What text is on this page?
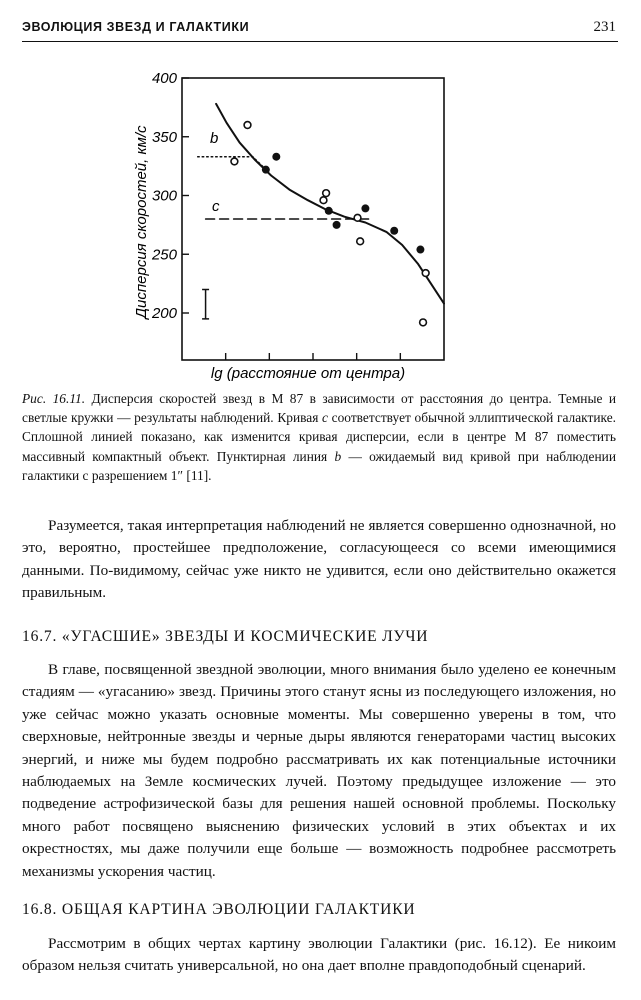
ЭВОЛЮЦИЯ ЗВЕЗД И ГАЛАКТИКИ	231
200
250
300
350
400
Дисперсия скоростей, км/с
lg (расстояние от центра)
b
c
Рис. 16.11. Дисперсия скоростей звезд в M 87 в зависимости от расстояния до центра. Темные и светлые кружки — результаты наблюдений. Кривая c соответствует обычной эллиптической галактике. Сплошной линией показано, как изменится кривая дисперсии, если в центре M 87 поместить массивный компактный объект. Пунктирная линия b — ожидаемый вид кривой при наблюдении галактики с разрешением 1″ [11].

Разумеется, такая интерпретация наблюдений не является совершенно однозначной, но это, вероятно, простейшее предположение, согласующееся со всеми имеющимися данными. По-видимому, сейчас уже никто не удивится, если оно действительно окажется правильным.

16.7. «УГАСШИЕ» ЗВЕЗДЫ И КОСМИЧЕСКИЕ ЛУЧИ

В главе, посвященной звездной эволюции, много внимания было уделено ее конечным стадиям — «угасанию» звезд. Причины этого станут ясны из последующего изложения, но уже сейчас можно указать основные моменты. Мы совершенно уверены в том, что сверхновые, нейтронные звезды и черные дыры являются генераторами частиц высоких энергий, и ниже мы будем подробно рассматривать их как потенциальные источники наблюдаемых на Земле космических лучей. Поэтому предыдущее изложение — это подведение астрофизической базы для решения нашей основной проблемы. Поскольку много работ посвящено выяснению физических условий в этих объектах и их окрестностях, мы даже получили еще больше — возможность подробнее рассмотреть механизмы ускорения частиц.

16.8. ОБЩАЯ КАРТИНА ЭВОЛЮЦИИ ГАЛАКТИКИ

Рассмотрим в общих чертах картину эволюции Галактики (рис. 16.12). Ее никоим образом нельзя считать универсальной, но она дает вполне правдоподобный сценарий.
